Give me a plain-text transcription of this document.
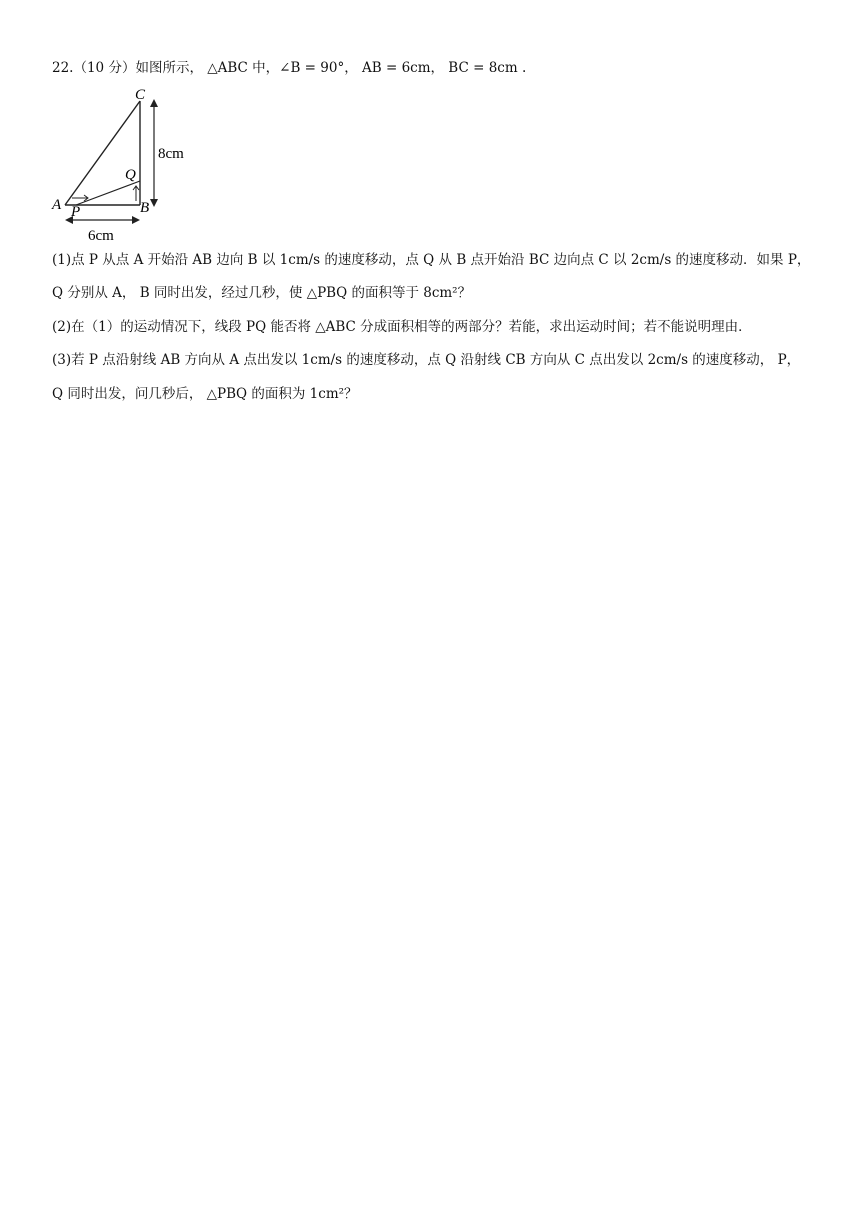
22.（10 分）如图所示， △ABC 中，∠B = 90°， AB = 6cm， BC = 8cm .
C
A	B
P
Q
8cm
6cm
(1)点 P 从点 A 开始沿 AB 边向 B 以 1cm/s 的速度移动，点 Q 从 B 点开始沿 BC 边向点 C 以 2cm/s 的速度移动．如果 P，
Q 分别从 A， B 同时出发，经过几秒，使 △PBQ 的面积等于 8cm²？
(2)在（1）的运动情况下，线段 PQ 能否将 △ABC 分成面积相等的两部分？若能，求出运动时间；若不能说明理由．
(3)若 P 点沿射线 AB 方向从 A 点出发以 1cm/s 的速度移动，点 Q 沿射线 CB 方向从 C 点出发以 2cm/s 的速度移动， P，
Q 同时出发，问几秒后， △PBQ 的面积为 1cm²？
